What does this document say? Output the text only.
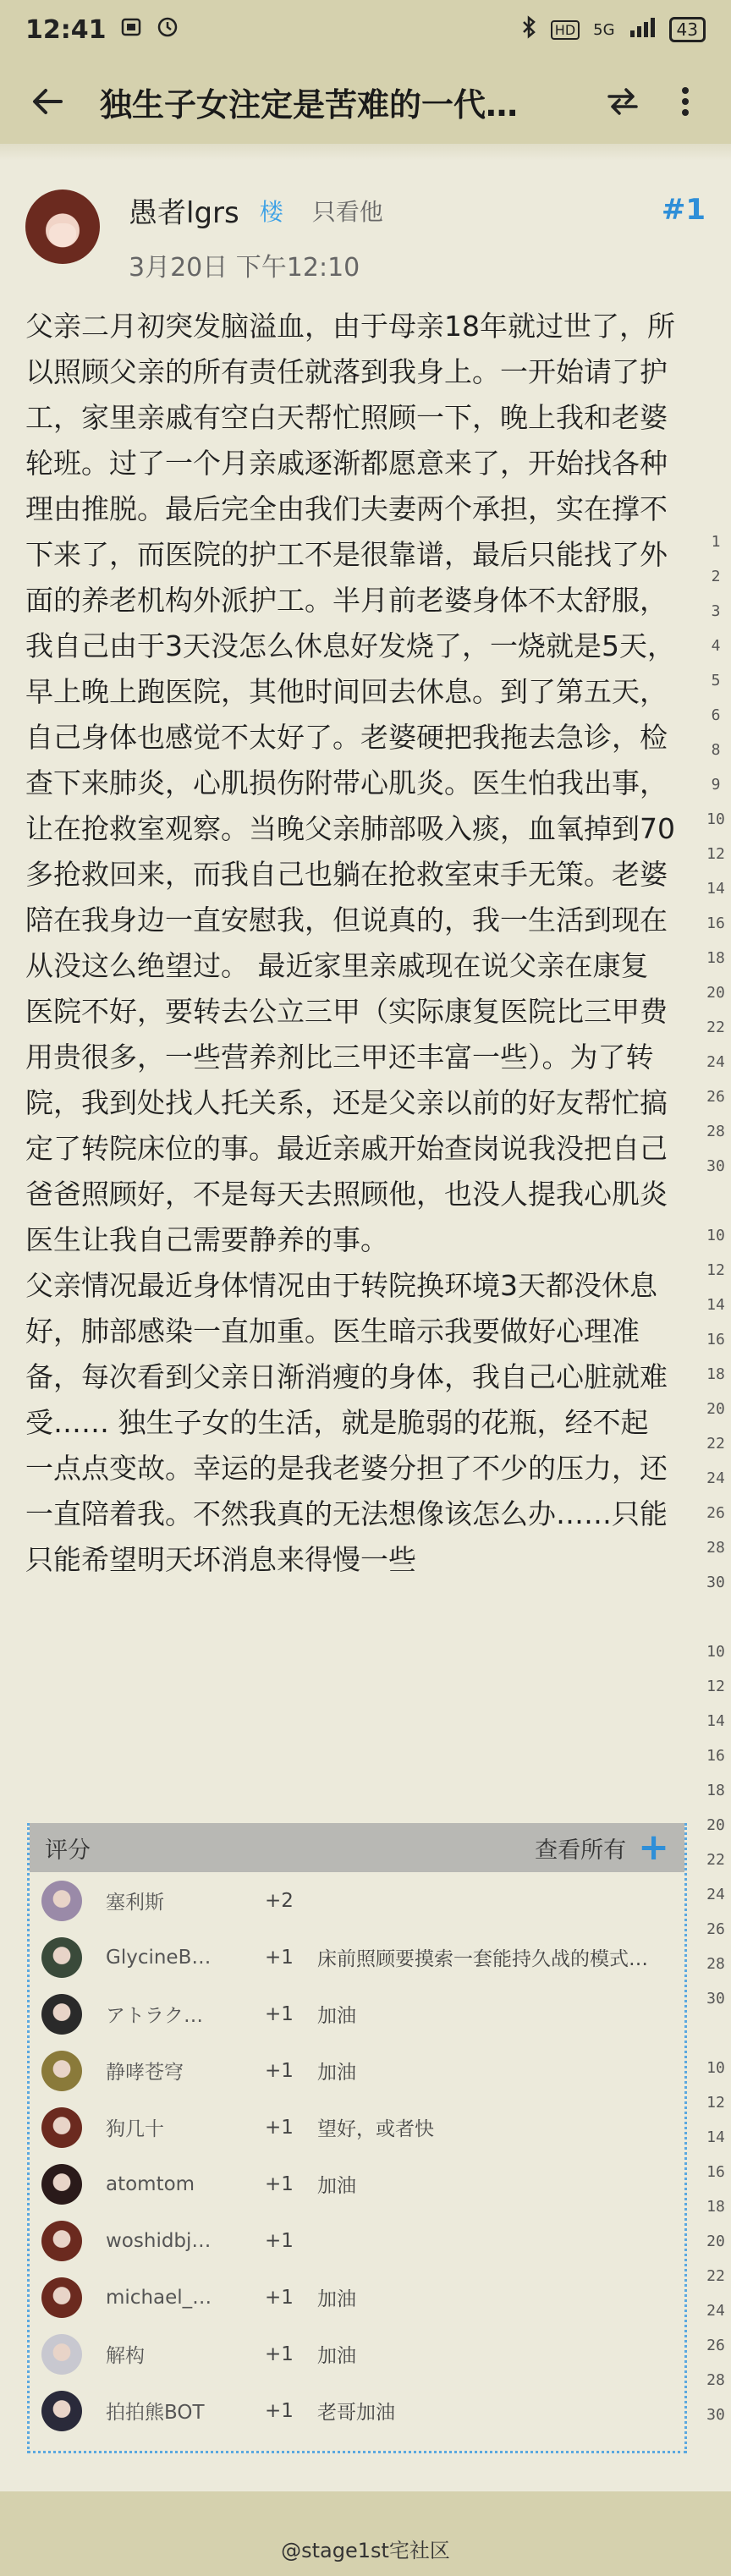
12:41	HD 5G	43
独生子女注定是苦难的一代…
1
2
3
4
5
6
8
9
10
12
14
16
18
20
22
24
26
28
30
10
12
14
16
18
20
22
24
26
28
30
10
12
14
16
18
20
22
24
26
28
30
10
12
14
16
18
20
22
24
26
28
30
愚者lgrs 楼 只看他
3月20日 下午12:10
#1

父亲二月初突发脑溢血，由于母亲18年就过世了，所以照顾父亲的所有责任就落到我身上。一开始请了护工，家里亲戚有空白天帮忙照顾一下，晚上我和老婆轮班。过了一个月亲戚逐渐都愿意来了，开始找各种理由推脱。最后完全由我们夫妻两个承担，实在撑不下来了，而医院的护工不是很靠谱，最后只能找了外面的养老机构外派护工。半月前老婆身体不太舒服，我自己由于3天没怎么休息好发烧了，一烧就是5天，早上晚上跑医院，其他时间回去休息。到了第五天，自己身体也感觉不太好了。老婆硬把我拖去急诊，检查下来肺炎，心肌损伤附带心肌炎。医生怕我出事，让在抢救室观察。当晚父亲肺部吸入痰，血氧掉到70多抢救回来，而我自己也躺在抢救室束手无策。老婆陪在我身边一直安慰我，但说真的，我一生活到现在从没这么绝望过。 最近家里亲戚现在说父亲在康复医院不好，要转去公立三甲（实际康复医院比三甲费用贵很多，一些营养剂比三甲还丰富一些）。为了转院，我到处找人托关系，还是父亲以前的好友帮忙搞定了转院床位的事。最近亲戚开始查岗说我没把自己爸爸照顾好，不是每天去照顾他，也没人提我心肌炎医生让我自己需要静养的事。

父亲情况最近身体情况由于转院换环境3天都没休息好，肺部感染一直加重。医生暗示我要做好心理准备，每次看到父亲日渐消瘦的身体，我自己心脏就难受…… 独生子女的生活，就是脆弱的花瓶，经不起一点点变故。幸运的是我老婆分担了不少的压力，还一直陪着我。不然我真的无法想像该怎么办……只能只能希望明天坏消息来得慢一些

评分	查看所有 +
塞利斯	+2
GlycineB…	+1	床前照顾要摸索一套能持久战的模式…
アトラク…	+1	加油
静哮苍穹	+1	加油
狗几十	+1	望好，或者快
atomtom	+1	加油
woshidbj…	+1
michael_…	+1	加油
解构	+1	加油
拍拍熊BOT	+1	老哥加油
@stage1st宅社区
